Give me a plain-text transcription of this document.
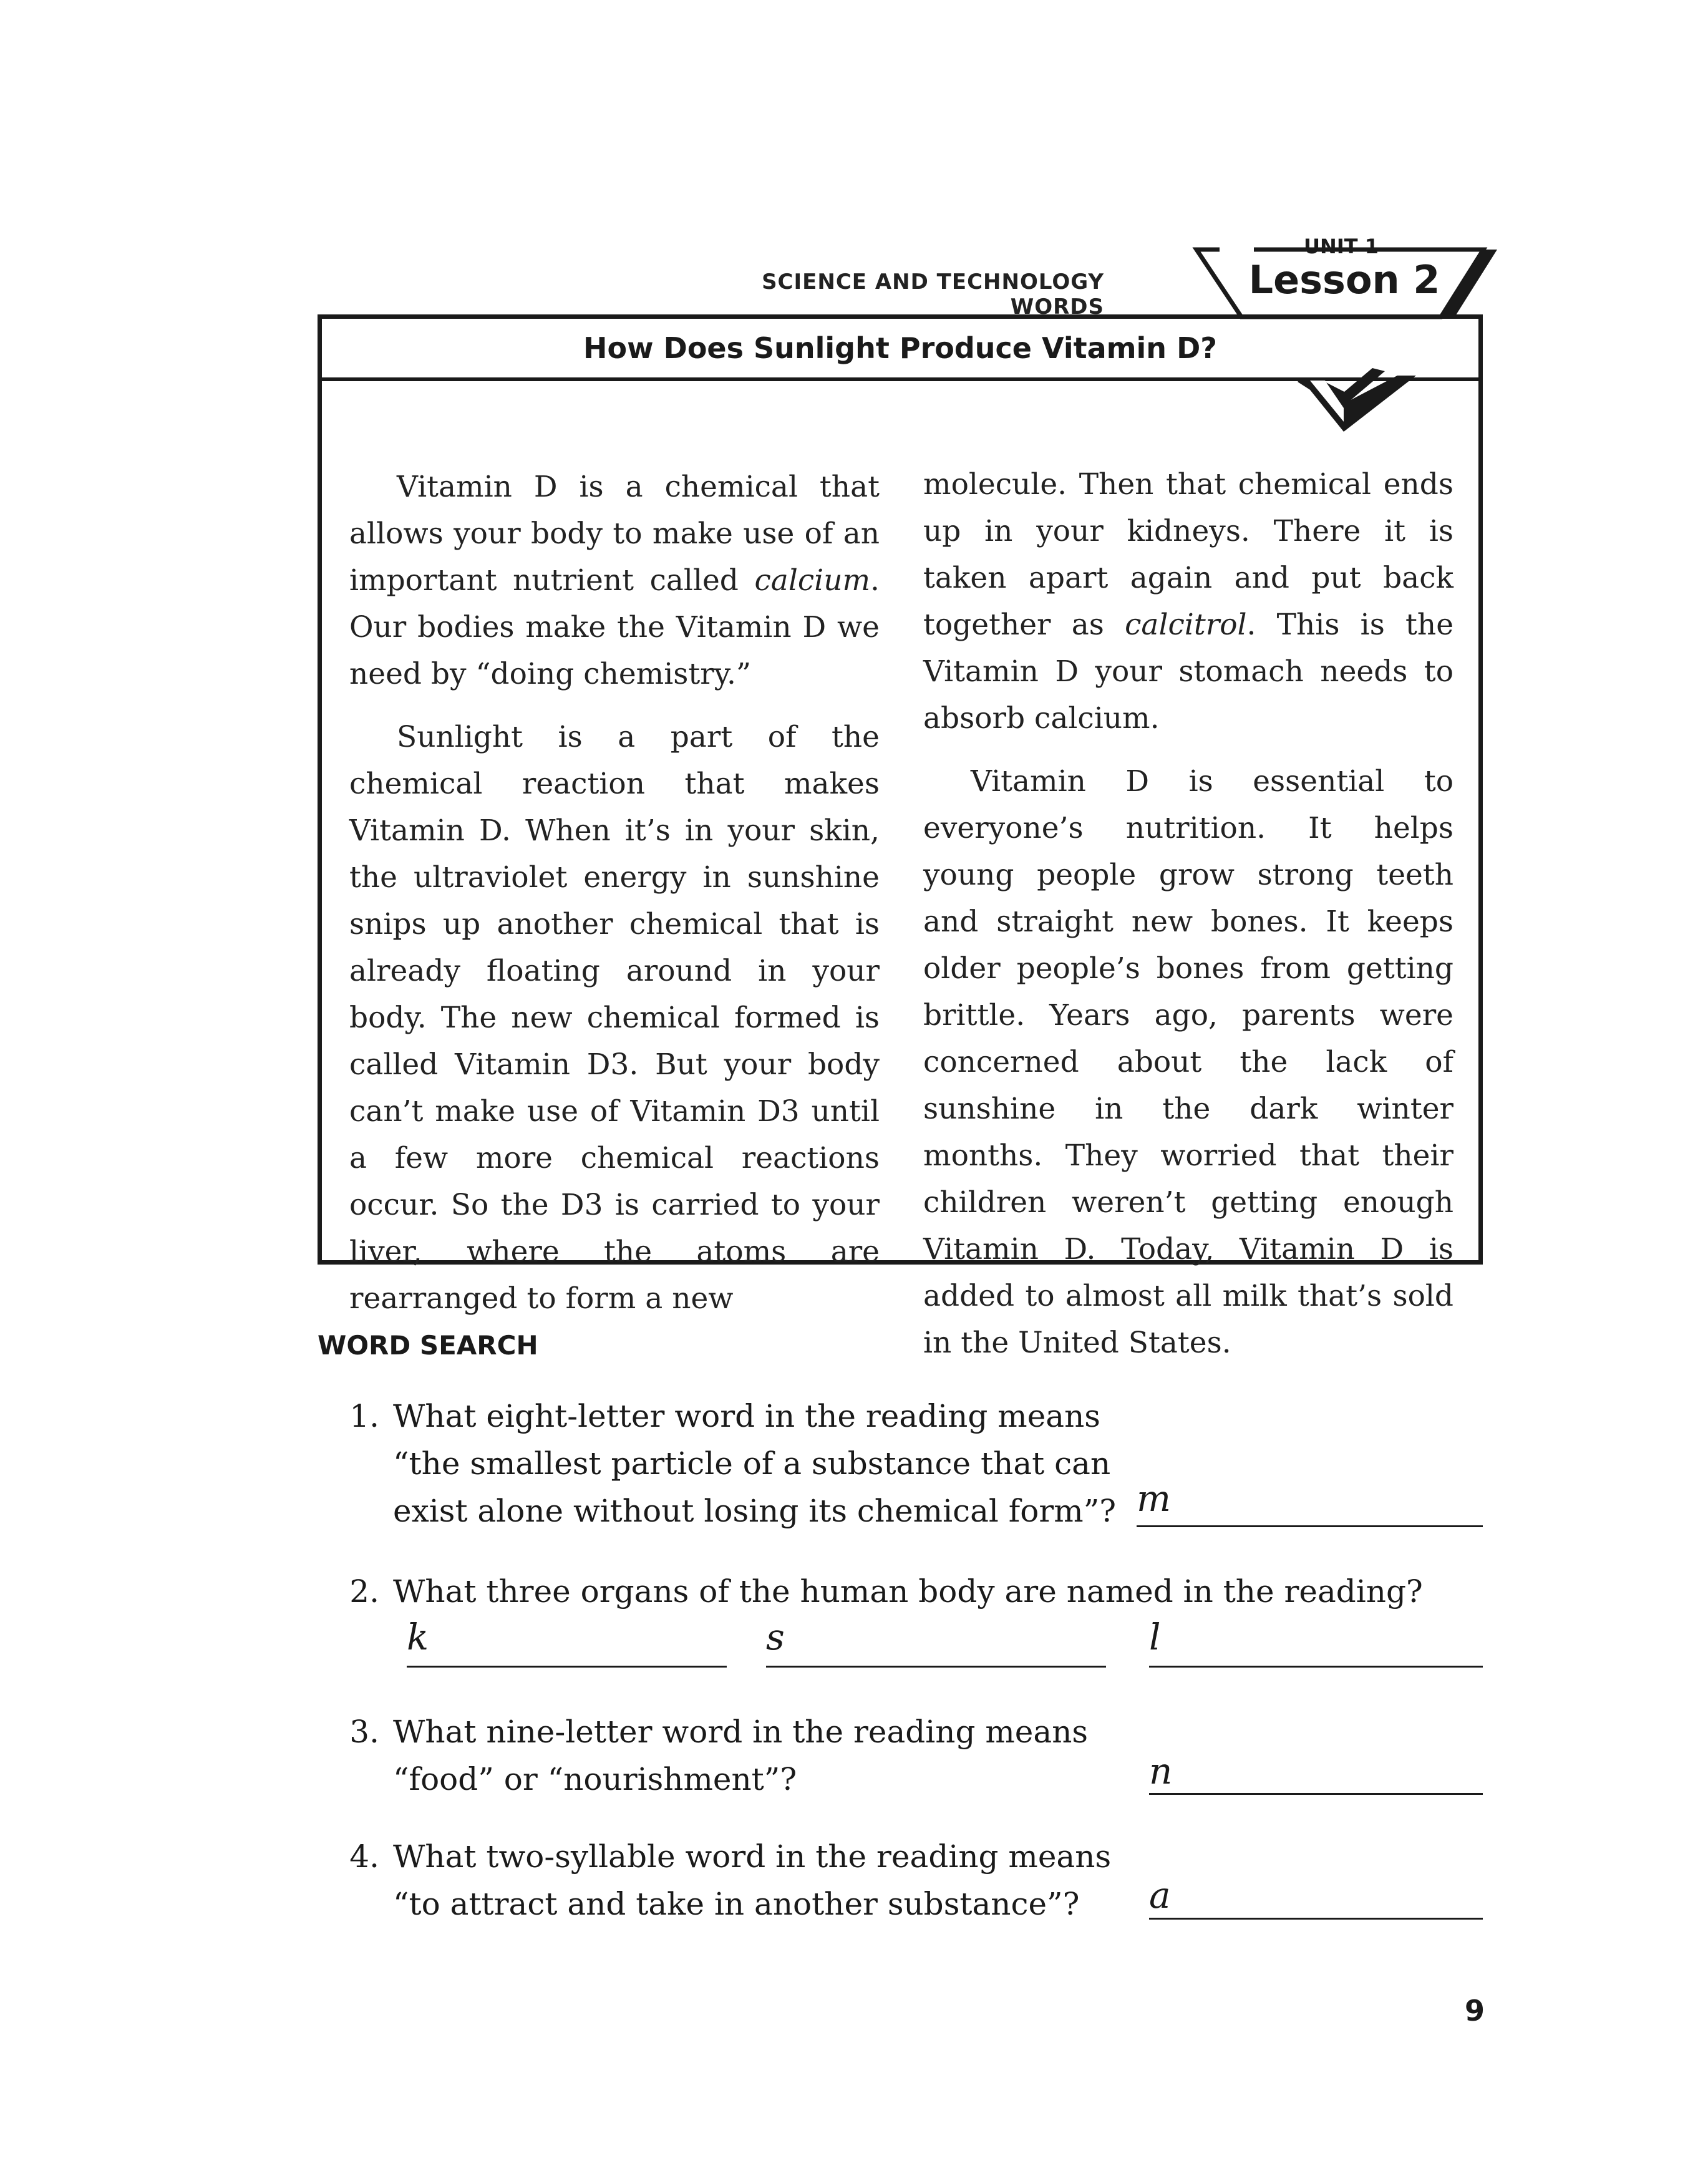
SCIENCE AND TECHNOLOGY WORDS
UNIT 1
Lesson 2
How Does Sunlight Produce Vitamin D?

Vitamin D is a chemical that allows your body to make use of an important nutrient called calcium. Our bodies make the Vitamin D we need by “doing chemistry.”

Sunlight is a part of the chemical reaction that makes Vitamin D. When it’s in your skin, the ultraviolet energy in sunshine snips up another chemical that is already floating around in your body. The new chemical formed is called Vitamin D3. But your body can’t make use of Vitamin D3 until a few more chemical reactions occur. So the D3 is carried to your liver, where the atoms are rearranged to form a new

molecule. Then that chemical ends up in your kidneys. There it is taken apart again and put back together as calcitrol. This is the Vitamin D your stomach needs to absorb calcium.

Vitamin D is essential to everyone’s nutrition. It helps young people grow strong teeth and straight new bones. It keeps older people’s bones from getting brittle. Years ago, parents were concerned about the lack of sunshine in the dark winter months. They worried that their children weren’t getting enough Vitamin D. Today, Vitamin D is added to almost all milk that’s sold in the United States.

WORD SEARCH
1. What eight-letter word in the reading means
“the smallest particle of a substance that can
exist alone without losing its chemical form”? m
2. What three organs of the human body are named in the reading?
k	s	l
3. What nine-letter word in the reading means
“food” or “nourishment”?	n
4. What two-syllable word in the reading means
“to attract and take in another substance”?	a
9
